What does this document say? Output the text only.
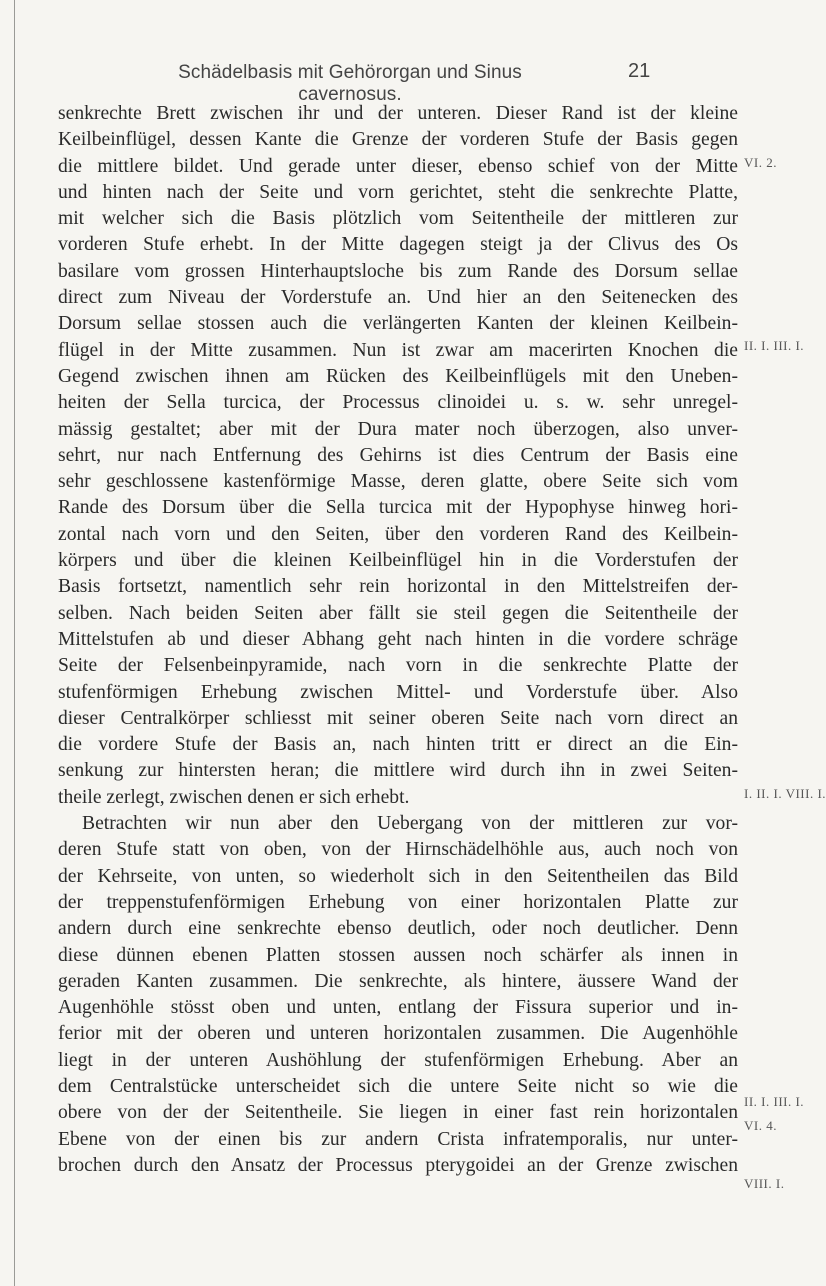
Schädelbasis mit Gehörorgan und Sinus cavernosus.
21
senkrechte Brett zwischen ihr und der unteren. Dieser Rand ist der kleine
Keilbeinflügel, dessen Kante die Grenze der vorderen Stufe der Basis gegen
die mittlere bildet. Und gerade unter dieser, ebenso schief von der Mitte
und hinten nach der Seite und vorn gerichtet, steht die senkrechte Platte,
mit welcher sich die Basis plötzlich vom Seitentheile der mittleren zur
vorderen Stufe erhebt. In der Mitte dagegen steigt ja der Clivus des Os
basilare vom grossen Hinterhauptsloche bis zum Rande des Dorsum sellae
direct zum Niveau der Vorderstufe an. Und hier an den Seitenecken des
Dorsum sellae stossen auch die verlängerten Kanten der kleinen Keilbein-
flügel in der Mitte zusammen. Nun ist zwar am macerirten Knochen die
Gegend zwischen ihnen am Rücken des Keilbeinflügels mit den Uneben-
heiten der Sella turcica, der Processus clinoidei u. s. w. sehr unregel-
mässig gestaltet; aber mit der Dura mater noch überzogen, also unver-
sehrt, nur nach Entfernung des Gehirns ist dies Centrum der Basis eine
sehr geschlossene kastenförmige Masse, deren glatte, obere Seite sich vom
Rande des Dorsum über die Sella turcica mit der Hypophyse hinweg hori-
zontal nach vorn und den Seiten, über den vorderen Rand des Keilbein-
körpers und über die kleinen Keilbeinflügel hin in die Vorderstufen der
Basis fortsetzt, namentlich sehr rein horizontal in den Mittelstreifen der-
selben. Nach beiden Seiten aber fällt sie steil gegen die Seitentheile der
Mittelstufen ab und dieser Abhang geht nach hinten in die vordere schräge
Seite der Felsenbeinpyramide, nach vorn in die senkrechte Platte der
stufenförmigen Erhebung zwischen Mittel- und Vorderstufe über. Also
dieser Centralkörper schliesst mit seiner oberen Seite nach vorn direct an
die vordere Stufe der Basis an, nach hinten tritt er direct an die Ein-
senkung zur hintersten heran; die mittlere wird durch ihn in zwei Seiten-
theile zerlegt, zwischen denen er sich erhebt.
Betrachten wir nun aber den Uebergang von der mittleren zur vor-
deren Stufe statt von oben, von der Hirnschädelhöhle aus, auch noch von
der Kehrseite, von unten, so wiederholt sich in den Seitentheilen das Bild
der treppenstufenförmigen Erhebung von einer horizontalen Platte zur
andern durch eine senkrechte ebenso deutlich, oder noch deutlicher. Denn
diese dünnen ebenen Platten stossen aussen noch schärfer als innen in
geraden Kanten zusammen. Die senkrechte, als hintere, äussere Wand der
Augenhöhle stösst oben und unten, entlang der Fissura superior und in-
ferior mit der oberen und unteren horizontalen zusammen. Die Augenhöhle
liegt in der unteren Aushöhlung der stufenförmigen Erhebung. Aber an
dem Centralstücke unterscheidet sich die untere Seite nicht so wie die
obere von der der Seitentheile. Sie liegen in einer fast rein horizontalen
Ebene von der einen bis zur andern Crista infratemporalis, nur unter-
brochen durch den Ansatz der Processus pterygoidei an der Grenze zwischen
VI. 2.
II. I. III. I.
I. II. I. VIII. I.
II. I. III. I.
VI. 4.
VIII. I.
